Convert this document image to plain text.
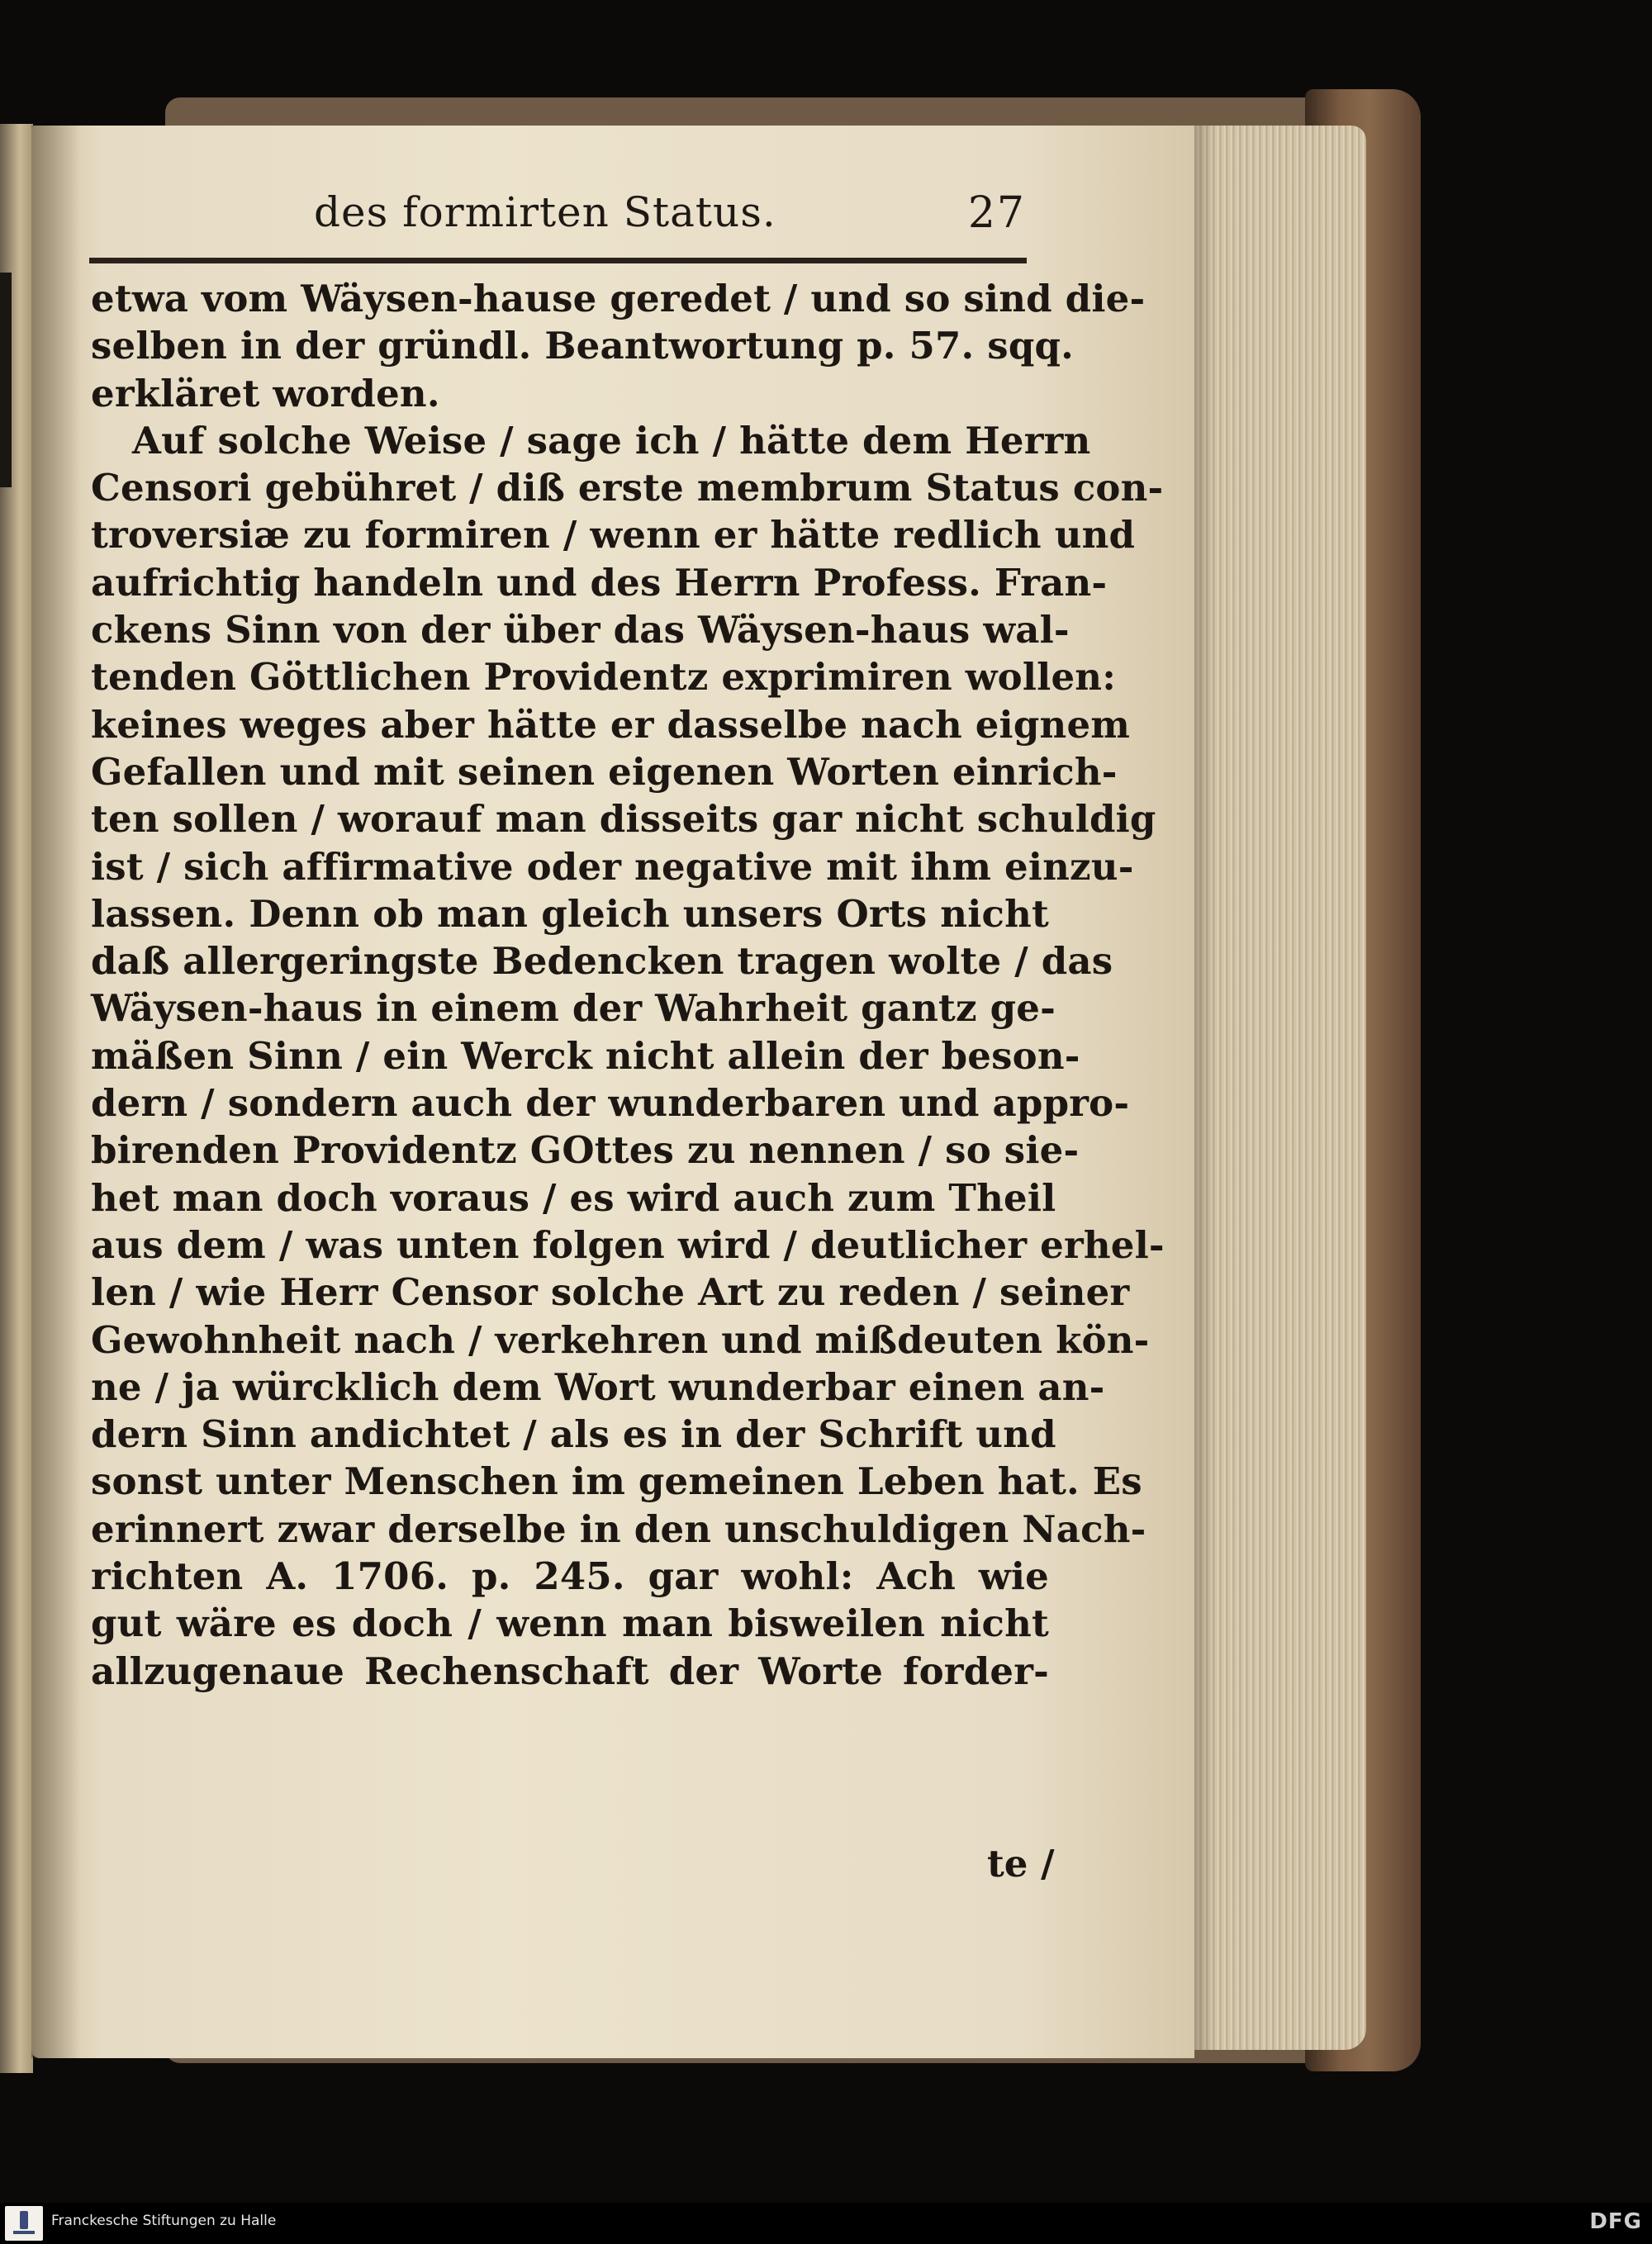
des formirten Status.	27
etwa vom Wäysen-hause geredet / und so sind die-
selben in der gründl. Beantwortung p. 57. sqq.
erkläret worden.
Auf solche Weise / sage ich / hätte dem Herrn
Censori gebühret / diß erste membrum Status con-
troversiæ zu formiren / wenn er hätte redlich und
aufrichtig handeln und des Herrn Profess. Fran-
ckens Sinn von der über das Wäysen-haus wal-
tenden Göttlichen Providentz exprimiren wollen:
keines weges aber hätte er dasselbe nach eignem
Gefallen und mit seinen eigenen Worten einrich-
ten sollen / worauf man disseits gar nicht schuldig
ist / sich affirmative oder negative mit ihm einzu-
lassen. Denn ob man gleich unsers Orts nicht
daß allergeringste Bedencken tragen wolte / das
Wäysen-haus in einem der Wahrheit gantz ge-
mäßen Sinn / ein Werck nicht allein der beson-
dern / sondern auch der wunderbaren und appro-
birenden Providentz GOttes zu nennen / so sie-
het man doch voraus / es wird auch zum Theil
aus dem / was unten folgen wird / deutlicher erhel-
len / wie Herr Censor solche Art zu reden / seiner
Gewohnheit nach / verkehren und mißdeuten kön-
ne / ja würcklich dem Wort wunderbar einen an-
dern Sinn andichtet / als es in der Schrift und
sonst unter Menschen im gemeinen Leben hat. Es
erinnert zwar derselbe in den unschuldigen Nach-
richten A. 1706. p. 245. gar wohl: Ach wie
gut wäre es doch / wenn man bisweilen nicht
allzugenaue Rechenschaft der Worte forder-
te /
Franckesche Stiftungen zu Halle	DFG
